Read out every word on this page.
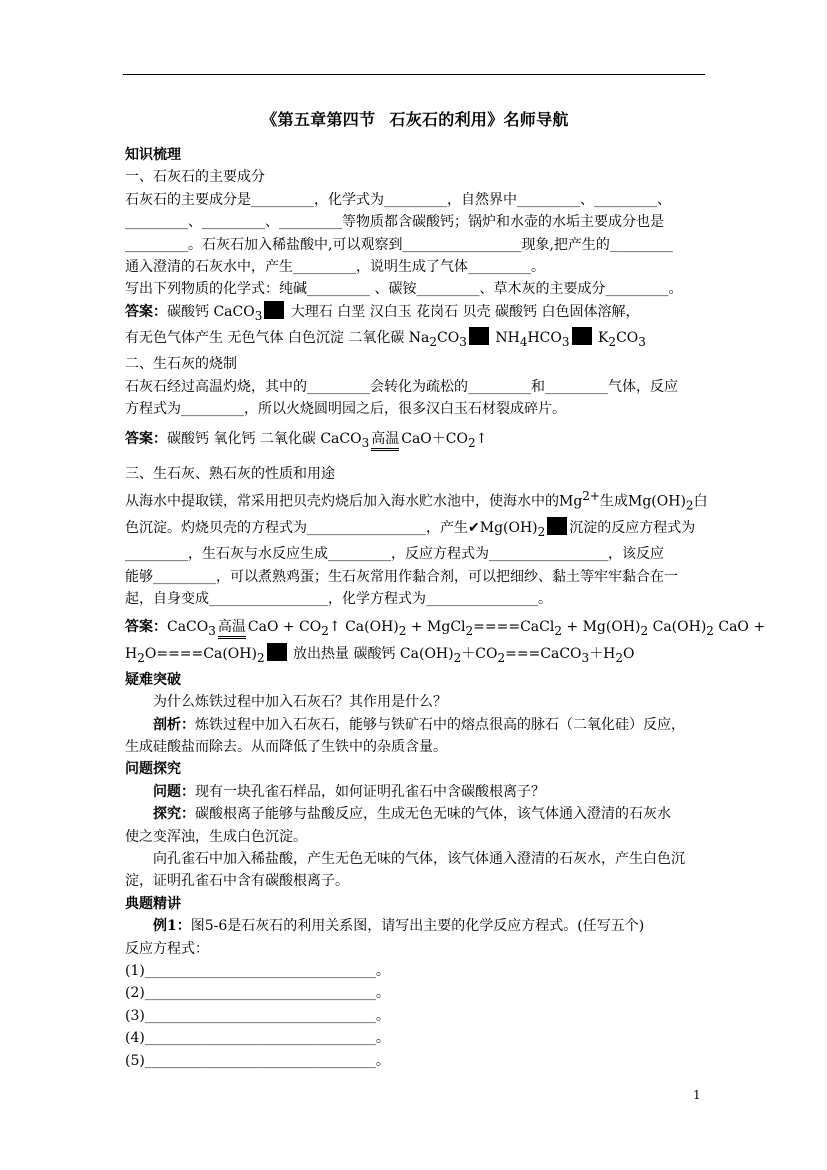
《第五章第四节 石灰石的利用》名师导航
知识梳理
一、石灰石的主要成分
石灰石的主要成分是_________，化学式为_________，自然界中_________、_________、
_________、_________、_________等物质都含碳酸钙；锅炉和水壶的水垢主要成分也是
_________。石灰石加入稀盐酸中,可以观察到_________________现象,把产生的_________
通入澄清的石灰水中，产生_________，说明生成了气体_________。
写出下列物质的化学式：纯碱_________ 、碳铵_________、草木灰的主要成分_________。
答案：碳酸钙 CaCO$_3$ 大理石 白垩 汉白玉 花岗石 贝壳 碳酸钙 白色固体溶解，
有无色气体产生 无色气体 白色沉淀 二氧化碳 $Na_2CO_3$ $NH_4HCO_3$ $K_2CO_3$
二、生石灰的烧制
石灰石经过高温灼烧，其中的_________会转化为疏松的_________和_________气体，反应
方程式为_________，所以火烧圆明园之后，很多汉白玉石材裂成碎片。
答案：碳酸钙 氧化钙 二氧化碳 CaCO$_3$ 高温 $CaO+CO_2↑$
三、生石灰、熟石灰的性质和用途
从海水中提取镁，常采用把贝壳灼烧后加入海水贮水池中，使海水中的$Mg^{2+}$生成$Mg(OH)_2$白
色沉淀。灼烧贝壳的方程式为_________________，产生$✔Mg(OH)_2$ 沉淀的反应方程式为
_________，生石灰与水反应生成_________，反应方程式为_________________，该反应
能够_________，可以煮熟鸡蛋；生石灰常用作黏合剂，可以把细纱、黏土等牢牢黏合在一
起，自身变成_________________，化学方程式为________________。
答案：CaCO$_3$ 高温 CaO + $CO_2↑$ $Ca(OH)_2$ + MgCl$_2$====CaCl$_2$ + $Mg(OH)_2$ $Ca(OH)_2$ CaO +
$H_2O====Ca(OH)_2$ 放出热量 碳酸钙 $Ca(OH)_2+CO_2===CaCO_3+H_2O$
疑难突破
为什么炼铁过程中加入石灰石？其作用是什么？
剖析：炼铁过程中加入石灰石，能够与铁矿石中的熔点很高的脉石（二氧化硅）反应，
生成硅酸盐而除去。从而降低了生铁中的杂质含量。
问题探究
问题：现有一块孔雀石样品，如何证明孔雀石中含碳酸根离子？
探究：碳酸根离子能够与盐酸反应，生成无色无味的气体，该气体通入澄清的石灰水
使之变浑浊，生成白色沉淀。
向孔雀石中加入稀盐酸，产生无色无味的气体，该气体通入澄清的石灰水，产生白色沉
淀，证明孔雀石中含有碳酸根离子。
典题精讲
例1：图5-6是石灰石的利用关系图，请写出主要的化学反应方程式。(任写五个)
反应方程式：
(1)_________________________________。
(2)_________________________________。
(3)_________________________________。
(4)_________________________________。
(5)_________________________________。
1
